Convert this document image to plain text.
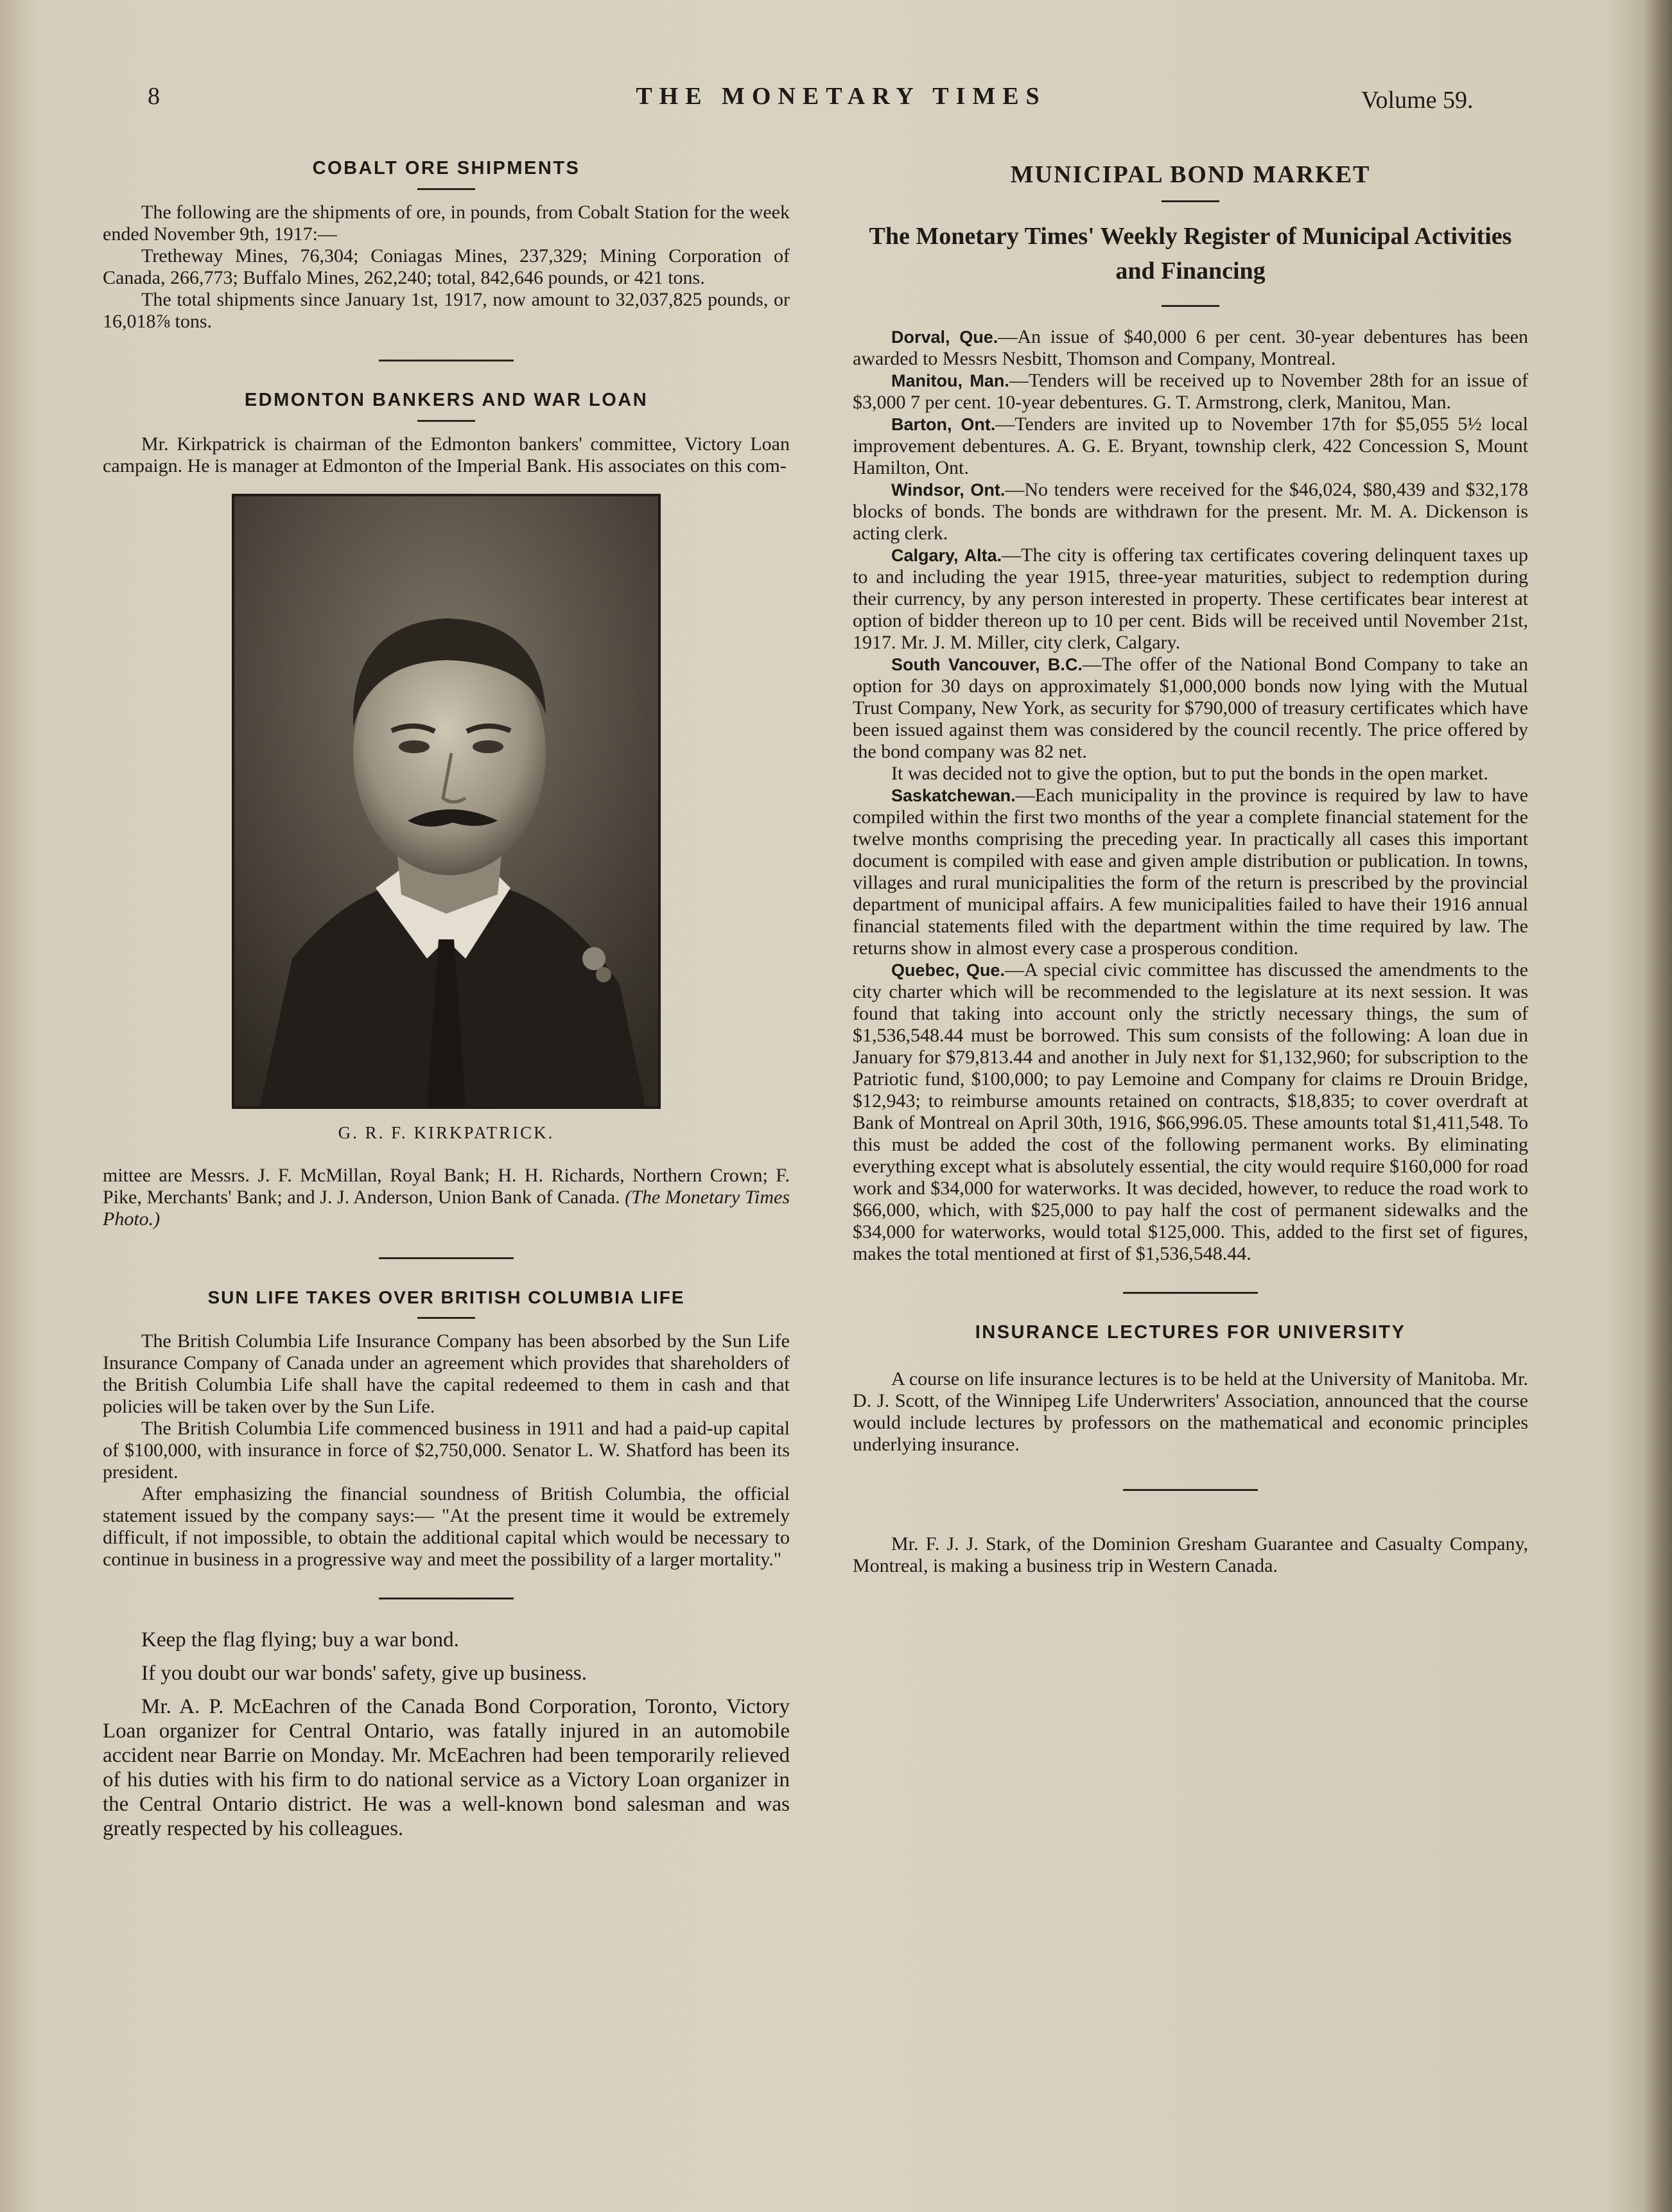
8	THE MONETARY TIMES	Volume 59.
COBALT ORE SHIPMENTS

The following are the shipments of ore, in pounds, from Cobalt Station for the week ended November 9th, 1917:—

Tretheway Mines, 76,304; Coniagas Mines, 237,329; Mining Corporation of Canada, 266,773; Buffalo Mines, 262,240; total, 842,646 pounds, or 421 tons.

The total shipments since January 1st, 1917, now amount to 32,037,825 pounds, or 16,018⅞ tons.

EDMONTON BANKERS AND WAR LOAN

Mr. Kirkpatrick is chairman of the Edmonton bankers' committee, Victory Loan campaign. He is manager at Edmonton of the Imperial Bank. His associates on this com-

G. R. F. KIRKPATRICK.

mittee are Messrs. J. F. McMillan, Royal Bank; H. H. Richards, Northern Crown; F. Pike, Merchants' Bank; and J. J. Anderson, Union Bank of Canada. (The Monetary Times Photo.)

SUN LIFE TAKES OVER BRITISH COLUMBIA LIFE

The British Columbia Life Insurance Company has been absorbed by the Sun Life Insurance Company of Canada under an agreement which provides that shareholders of the British Columbia Life shall have the capital redeemed to them in cash and that policies will be taken over by the Sun Life.

The British Columbia Life commenced business in 1911 and had a paid-up capital of $100,000, with insurance in force of $2,750,000. Senator L. W. Shatford has been its president.

After emphasizing the financial soundness of British Columbia, the official statement issued by the company says:— "At the present time it would be extremely difficult, if not impossible, to obtain the additional capital which would be necessary to continue in business in a progressive way and meet the possibility of a larger mortality."

Keep the flag flying; buy a war bond.

If you doubt our war bonds' safety, give up business.

Mr. A. P. McEachren of the Canada Bond Corporation, Toronto, Victory Loan organizer for Central Ontario, was fatally injured in an automobile accident near Barrie on Monday. Mr. McEachren had been temporarily relieved of his duties with his firm to do national service as a Victory Loan organizer in the Central Ontario district. He was a well-known bond salesman and was greatly respected by his colleagues.

MUNICIPAL BOND MARKET
The Monetary Times' Weekly Register of Municipal Activities and Financing

Dorval, Que.—An issue of $40,000 6 per cent. 30-year debentures has been awarded to Messrs Nesbitt, Thomson and Company, Montreal.

Manitou, Man.—Tenders will be received up to November 28th for an issue of $3,000 7 per cent. 10-year debentures. G. T. Armstrong, clerk, Manitou, Man.

Barton, Ont.—Tenders are invited up to November 17th for $5,055 5½ local improvement debentures. A. G. E. Bryant, township clerk, 422 Concession S, Mount Hamilton, Ont.

Windsor, Ont.—No tenders were received for the $46,024, $80,439 and $32,178 blocks of bonds. The bonds are withdrawn for the present. Mr. M. A. Dickenson is acting clerk.

Calgary, Alta.—The city is offering tax certificates covering delinquent taxes up to and including the year 1915, three-year maturities, subject to redemption during their currency, by any person interested in property. These certificates bear interest at option of bidder thereon up to 10 per cent. Bids will be received until November 21st, 1917. Mr. J. M. Miller, city clerk, Calgary.

South Vancouver, B.C.—The offer of the National Bond Company to take an option for 30 days on approximately $1,000,000 bonds now lying with the Mutual Trust Company, New York, as security for $790,000 of treasury certificates which have been issued against them was considered by the council recently. The price offered by the bond company was 82 net.

It was decided not to give the option, but to put the bonds in the open market.

Saskatchewan.—Each municipality in the province is required by law to have compiled within the first two months of the year a complete financial statement for the twelve months comprising the preceding year. In practically all cases this important document is compiled with ease and given ample distribution or publication. In towns, villages and rural municipalities the form of the return is prescribed by the provincial department of municipal affairs. A few municipalities failed to have their 1916 annual financial statements filed with the department within the time required by law. The returns show in almost every case a prosperous condition.

Quebec, Que.—A special civic committee has discussed the amendments to the city charter which will be recommended to the legislature at its next session. It was found that taking into account only the strictly necessary things, the sum of $1,536,548.44 must be borrowed. This sum consists of the following: A loan due in January for $79,813.44 and another in July next for $1,132,960; for subscription to the Patriotic fund, $100,000; to pay Lemoine and Company for claims re Drouin Bridge, $12,943; to reimburse amounts retained on contracts, $18,835; to cover overdraft at Bank of Montreal on April 30th, 1916, $66,996.05. These amounts total $1,411,548. To this must be added the cost of the following permanent works. By eliminating everything except what is absolutely essential, the city would require $160,000 for road work and $34,000 for waterworks. It was decided, however, to reduce the road work to $66,000, which, with $25,000 to pay half the cost of permanent sidewalks and the $34,000 for waterworks, would total $125,000. This, added to the first set of figures, makes the total mentioned at first of $1,536,548.44.

INSURANCE LECTURES FOR UNIVERSITY

A course on life insurance lectures is to be held at the University of Manitoba. Mr. D. J. Scott, of the Winnipeg Life Underwriters' Association, announced that the course would include lectures by professors on the mathematical and economic principles underlying insurance.

Mr. F. J. J. Stark, of the Dominion Gresham Guarantee and Casualty Company, Montreal, is making a business trip in Western Canada.
